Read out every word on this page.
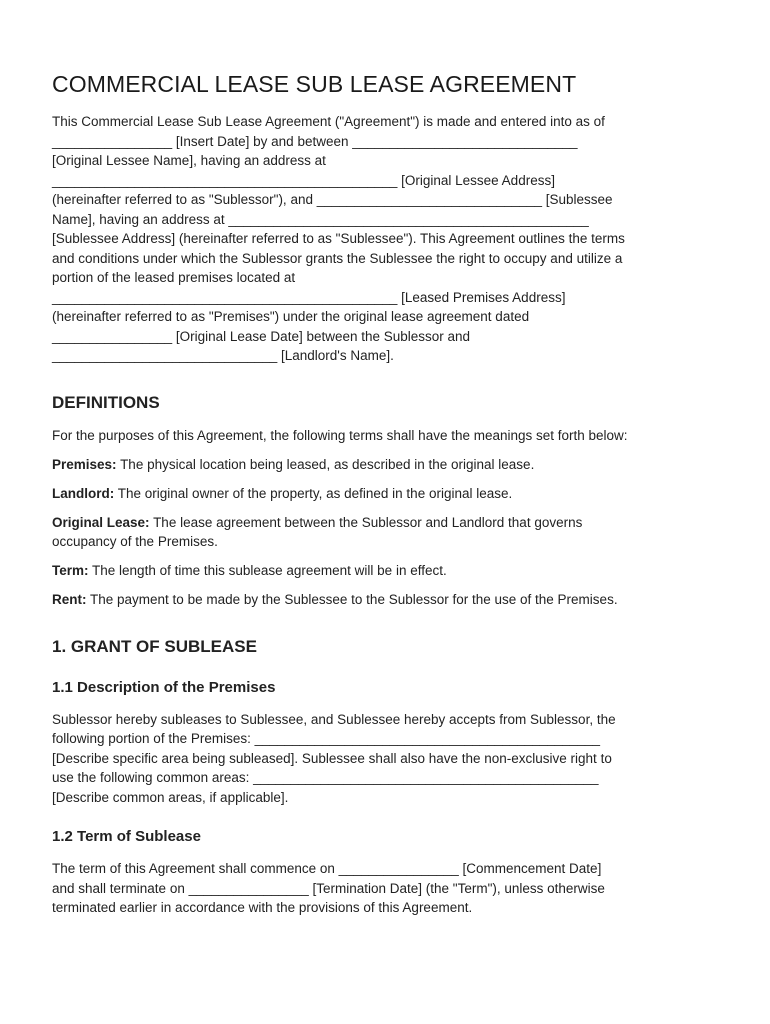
COMMERCIAL LEASE SUB LEASE AGREEMENT

This Commercial Lease Sub Lease Agreement ("Agreement") is made and entered into as of
________________ [Insert Date] by and between ______________________________
[Original Lessee Name], having an address at
______________________________________________ [Original Lessee Address]
(hereinafter referred to as "Sublessor"), and ______________________________ [Sublessee
Name], having an address at ________________________________________________
[Sublessee Address] (hereinafter referred to as "Sublessee"). This Agreement outlines the terms
and conditions under which the Sublessor grants the Sublessee the right to occupy and utilize a
portion of the leased premises located at
______________________________________________ [Leased Premises Address]
(hereinafter referred to as "Premises") under the original lease agreement dated
________________ [Original Lease Date] between the Sublessor and
______________________________ [Landlord's Name].

DEFINITIONS

For the purposes of this Agreement, the following terms shall have the meanings set forth below:

Premises: The physical location being leased, as described in the original lease.

Landlord: The original owner of the property, as defined in the original lease.

Original Lease: The lease agreement between the Sublessor and Landlord that governs
occupancy of the Premises.

Term: The length of time this sublease agreement will be in effect.

Rent: The payment to be made by the Sublessee to the Sublessor for the use of the Premises.

1. GRANT OF SUBLEASE
1.1 Description of the Premises

Sublessor hereby subleases to Sublessee, and Sublessee hereby accepts from Sublessor, the
following portion of the Premises: ______________________________________________
[Describe specific area being subleased]. Sublessee shall also have the non-exclusive right to
use the following common areas: ______________________________________________
[Describe common areas, if applicable].

1.2 Term of Sublease

The term of this Agreement shall commence on ________________ [Commencement Date]
and shall terminate on ________________ [Termination Date] (the "Term"), unless otherwise
terminated earlier in accordance with the provisions of this Agreement.
